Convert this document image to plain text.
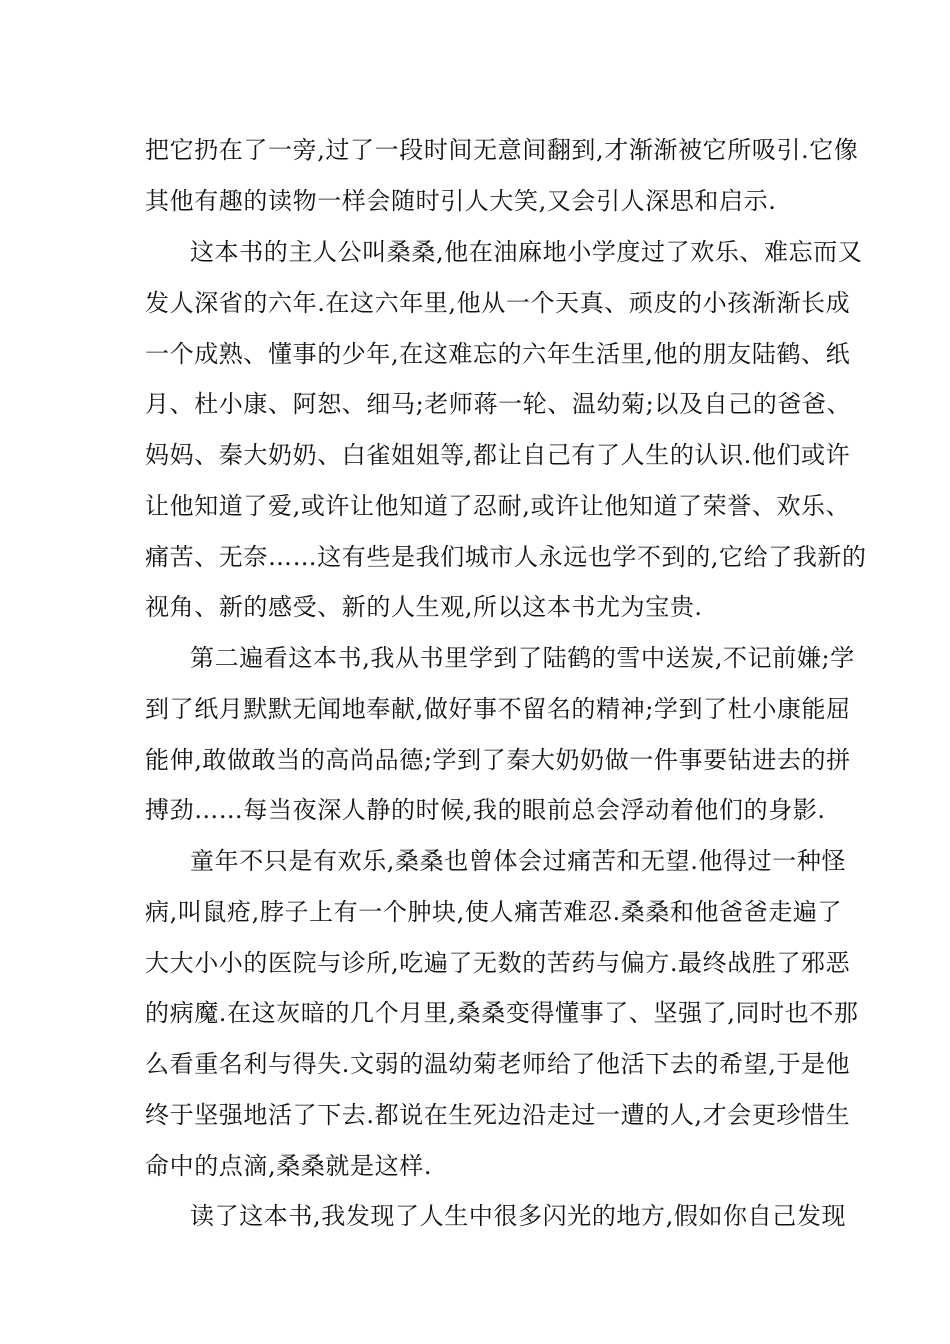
把它扔在了一旁,过了一段时间无意间翻到,才渐渐被它所吸引.它像
其他有趣的读物一样会随时引人大笑,又会引人深思和启示.
这本书的主人公叫桑桑,他在油麻地小学度过了欢乐、难忘而又
发人深省的六年.在这六年里,他从一个天真、顽皮的小孩渐渐长成
一个成熟、懂事的少年,在这难忘的六年生活里,他的朋友陆鹤、纸
月、杜小康、阿恕、细马;老师蒋一轮、温幼菊;以及自己的爸爸、
妈妈、秦大奶奶、白雀姐姐等,都让自己有了人生的认识.他们或许
让他知道了爱,或许让他知道了忍耐,或许让他知道了荣誉、欢乐、
痛苦、无奈……这有些是我们城市人永远也学不到的,它给了我新的
视角、新的感受、新的人生观,所以这本书尤为宝贵.
第二遍看这本书,我从书里学到了陆鹤的雪中送炭,不记前嫌;学
到了纸月默默无闻地奉献,做好事不留名的精神;学到了杜小康能屈
能伸,敢做敢当的高尚品德;学到了秦大奶奶做一件事要钻进去的拼
搏劲……每当夜深人静的时候,我的眼前总会浮动着他们的身影.
童年不只是有欢乐,桑桑也曾体会过痛苦和无望.他得过一种怪
病,叫鼠疮,脖子上有一个肿块,使人痛苦难忍.桑桑和他爸爸走遍了
大大小小的医院与诊所,吃遍了无数的苦药与偏方.最终战胜了邪恶
的病魔.在这灰暗的几个月里,桑桑变得懂事了、坚强了,同时也不那
么看重名利与得失.文弱的温幼菊老师给了他活下去的希望,于是他
终于坚强地活了下去.都说在生死边沿走过一遭的人,才会更珍惜生
命中的点滴,桑桑就是这样.
读了这本书,我发现了人生中很多闪光的地方,假如你自己发现
